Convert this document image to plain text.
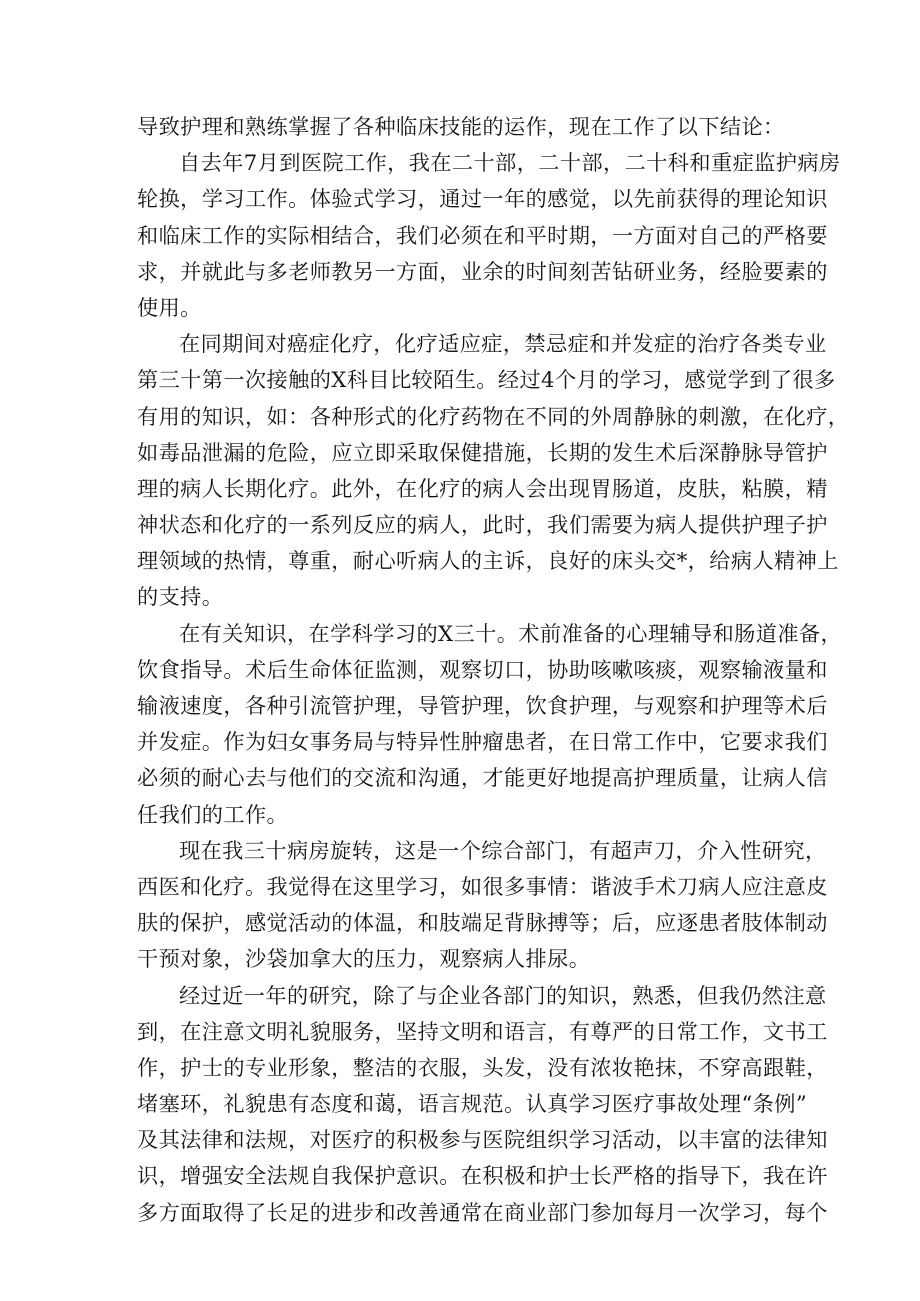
导致护理和熟练掌握了各种临床技能的运作，现在工作了以下结论：
自去年7月到医院工作，我在二十部，二十部，二十科和重症监护病房
轮换，学习工作。体验式学习，通过一年的感觉，以先前获得的理论知识
和临床工作的实际相结合，我们必须在和平时期，一方面对自己的严格要
求，并就此与多老师教另一方面，业余的时间刻苦钻研业务，经脸要素的
使用。
在同期间对癌症化疗，化疗适应症，禁忌症和并发症的治疗各类专业
第三十第一次接触的X科目比较陌生。经过4个月的学习，感觉学到了很多
有用的知识，如：各种形式的化疗药物在不同的外周静脉的刺激，在化疗，
如毒品泄漏的危险，应立即采取保健措施，长期的发生术后深静脉导管护
理的病人长期化疗。此外，在化疗的病人会出现胃肠道，皮肤，粘膜，精
神状态和化疗的一系列反应的病人，此时，我们需要为病人提供护理子护
理领域的热情，尊重，耐心听病人的主诉，良好的床头交*，给病人精神上
的支持。
在有关知识，在学科学习的X三十。术前准备的心理辅导和肠道准备，
饮食指导。术后生命体征监测，观察切口，协助咳嗽咳痰，观察输液量和
输液速度，各种引流管护理，导管护理，饮食护理，与观察和护理等术后
并发症。作为妇女事务局与特异性肿瘤患者，在日常工作中，它要求我们
必须的耐心去与他们的交流和沟通，才能更好地提高护理质量，让病人信
任我们的工作。
现在我三十病房旋转，这是一个综合部门，有超声刀，介入性研究，
西医和化疗。我觉得在这里学习，如很多事情：谐波手术刀病人应注意皮
肤的保护，感觉活动的体温，和肢端足背脉搏等；后，应逐患者肢体制动
干预对象，沙袋加拿大的压力，观察病人排尿。
经过近一年的研究，除了与企业各部门的知识，熟悉，但我仍然注意
到，在注意文明礼貌服务，坚持文明和语言，有尊严的日常工作，文书工
作，护士的专业形象，整洁的衣服，头发，没有浓妆艳抹，不穿高跟鞋，
堵塞环，礼貌患有态度和蔼，语言规范。认真学习医疗事故处理“条例”
及其法律和法规，对医疗的积极参与医院组织学习活动，以丰富的法律知
识，增强安全法规自我保护意识。在积极和护士长严格的指导下，我在许
多方面取得了长足的进步和改善通常在商业部门参加每月一次学习，每个
